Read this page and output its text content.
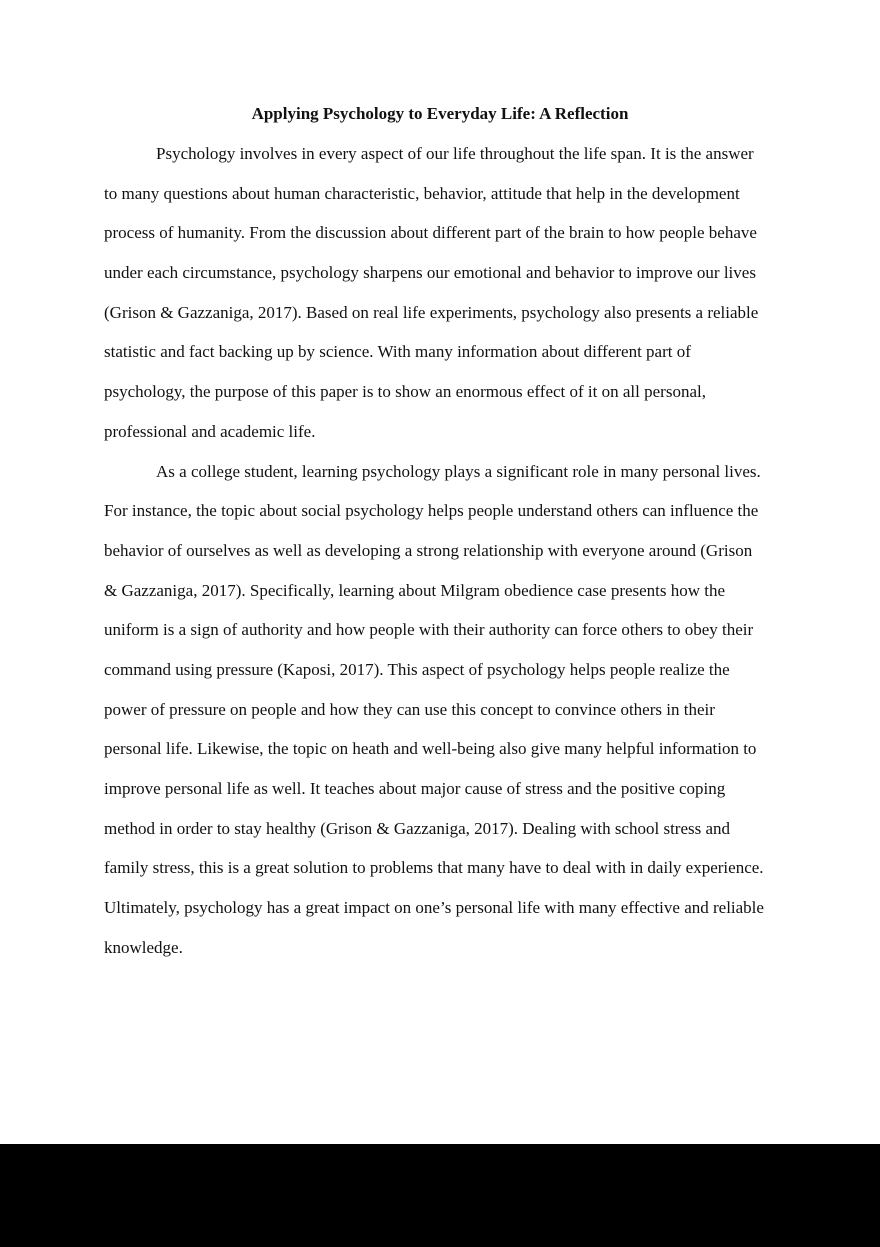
Applying Psychology to Everyday Life: A Reflection
Psychology involves in every aspect of our life throughout the life span. It is the answer
to many questions about human characteristic, behavior, attitude that help in the development
process of humanity. From the discussion about different part of the brain to how people behave
under each circumstance, psychology sharpens our emotional and behavior to improve our lives
(Grison & Gazzaniga, 2017). Based on real life experiments, psychology also presents a reliable
statistic and fact backing up by science. With many information about different part of
psychology, the purpose of this paper is to show an enormous effect of it on all personal,
professional and academic life.
As a college student, learning psychology plays a significant role in many personal lives.
For instance, the topic about social psychology helps people understand others can influence the
behavior of ourselves as well as developing a strong relationship with everyone around (Grison
& Gazzaniga, 2017). Specifically, learning about Milgram obedience case presents how the
uniform is a sign of authority and how people with their authority can force others to obey their
command using pressure (Kaposi, 2017). This aspect of psychology helps people realize the
power of pressure on people and how they can use this concept to convince others in their
personal life. Likewise, the topic on heath and well-being also give many helpful information to
improve personal life as well. It teaches about major cause of stress and the positive coping
method in order to stay healthy (Grison & Gazzaniga, 2017). Dealing with school stress and
family stress, this is a great solution to problems that many have to deal with in daily experience.
Ultimately, psychology has a great impact on one’s personal life with many effective and reliable
knowledge.
